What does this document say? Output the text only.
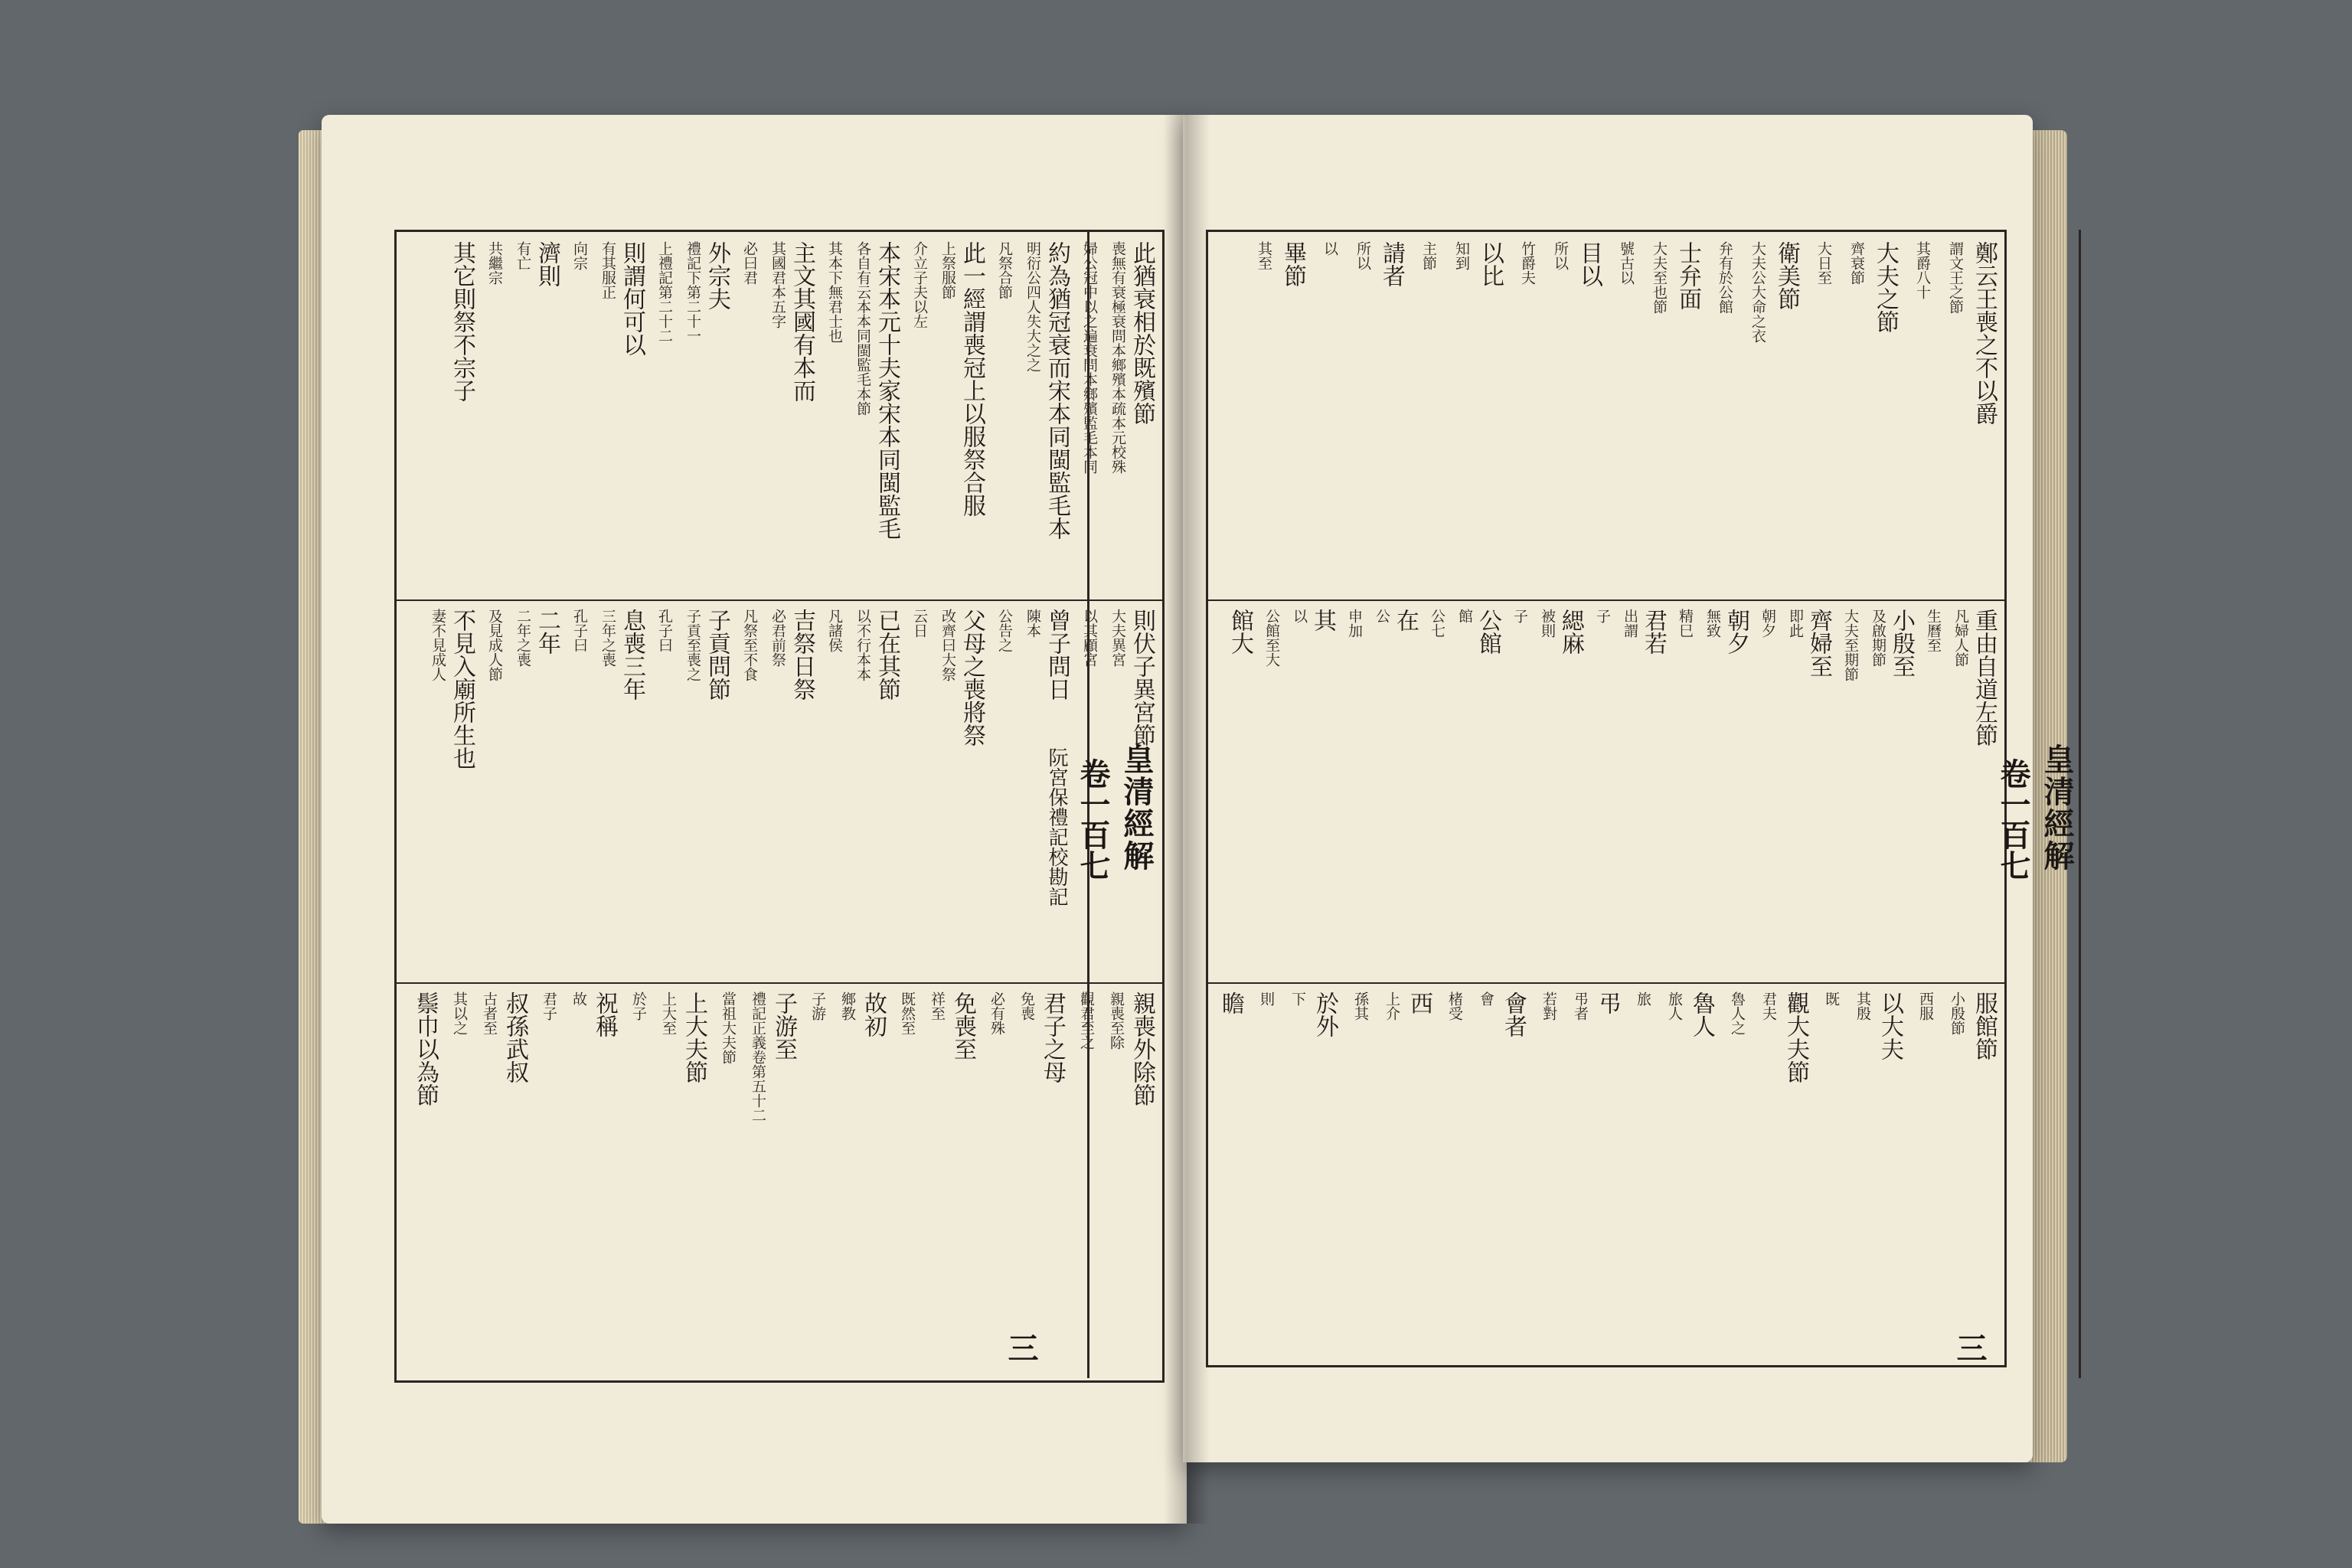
此猶衰相於既殯節
喪無有衰極衰問本鄉殯本疏本元校殊
婦公冠中以之遍衰問本鄉殯監毛本同
約為猶冠衰而宋本同閩監毛本
明衍公四人失大之之
凡祭合節
此一經謂喪冠上以服祭合服
上祭服節
介立子夫以左
本宋本元十夫家宋本同閩監毛
各自有云本本同閩監毛本節
其本下無君士也
主文其國有本而
其國君本五字
必曰君
外宗夫
禮記下第二十一
上禮記第二十二
則謂何可以
有其服正
向宗
濟則
有亡
共繼宗
其它則祭不宗子
則伏子異宮節
大夫異宮
以其顧宮
曾子問日
陳本
公告之
父母之喪將祭
改齊曰大祭
云日
已在其節
以不行本本
凡諸侯
吉祭日祭
必君前祭
凡祭至不食
子貢問節
子貢至喪之
孔子曰
息喪三年
三年之喪
孔子曰
二年
二年之喪
及見成人節
不見入廟所生也
妻不見成人
親喪外除節
親喪至除
觀君至之
君子之母
免喪
必有殊
免喪至
祥至
既然至
故初
鄉教
子游
子游至
禮記正義卷第五十二
當祖大夫節
上大夫節
上大至
於子
祝稱
故
君子
叔孫武叔
古者至
其以之
鬃巾以為節
鄭云王喪之不以爵
謂文王之節
其爵八十
大夫之節
齊衰節
大日至
衛美節
大夫公大命之衣
弁有於公館
士弁面
大夫至也節
號古以
目以
所以
竹爵夫
以比
知到
主節
請者
所以
以
畢節
其至
重由自道左節
凡婦人節
生曆至
小殷至
及啟期節
大夫至期節
齊婦至
即此
朝夕
朝夕
無致
精巳
君若
出謂
子
緦麻
被則
子
公館
館
公七
在
公
申加
其
以
公館至大
館大
服館節
小殷節
西服
以大夫
其殷
既
觀大夫節
君夫
魯人之
魯人
旅人
旅
弔
弔者
若對
會者
會
楮受
西
上介
孫其
於外
下
則
瞻
皇清經解
卷一百七
阮宮保禮記校勘記
三
皇清經解
卷一百七
三
